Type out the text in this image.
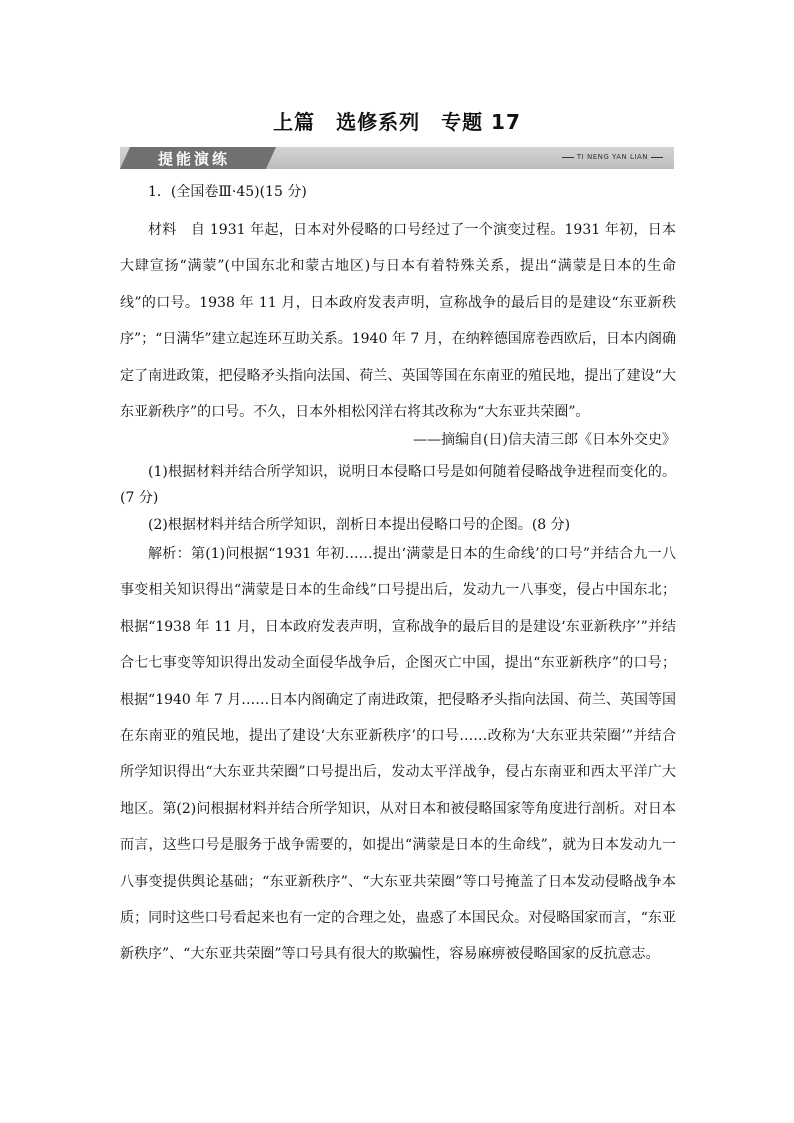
上篇　选修系列　专题 17
提能演练	TI NENG YAN LIAN
1．(全国卷Ⅲ·45)(15 分)

材料　自 1931 年起，日本对外侵略的口号经过了一个演变过程。1931 年初，日本大肆宣扬“满蒙”(中国东北和蒙古地区)与日本有着特殊关系，提出“满蒙是日本的生命线”的口号。1938 年 11 月，日本政府发表声明，宣称战争的最后目的是建设“东亚新秩序”；“日满华”建立起连环互助关系。1940 年 7 月，在纳粹德国席卷西欧后，日本内阁确定了南进政策，把侵略矛头指向法国、荷兰、英国等国在东南亚的殖民地，提出了建设“大东亚新秩序”的口号。不久，日本外相松冈洋右将其改称为“大东亚共荣圈”。

——摘编自(日)信夫清三郎《日本外交史》

(1)根据材料并结合所学知识，说明日本侵略口号是如何随着侵略战争进程而变化的。(7 分)

(2)根据材料并结合所学知识，剖析日本提出侵略口号的企图。(8 分)

解析：第(1)问根据“1931 年初……提出‘满蒙是日本的生命线’的口号”并结合九一八事变相关知识得出“满蒙是日本的生命线”口号提出后，发动九一八事变，侵占中国东北；根据“1938 年 11 月，日本政府发表声明，宣称战争的最后目的是建设‘东亚新秩序’”并结合七七事变等知识得出发动全面侵华战争后，企图灭亡中国，提出“东亚新秩序”的口号；根据“1940 年 7 月……日本内阁确定了南进政策，把侵略矛头指向法国、荷兰、英国等国在东南亚的殖民地，提出了建设‘大东亚新秩序’的口号……改称为‘大东亚共荣圈’”并结合所学知识得出“大东亚共荣圈”口号提出后，发动太平洋战争，侵占东南亚和西太平洋广大地区。第(2)问根据材料并结合所学知识，从对日本和被侵略国家等角度进行剖析。对日本而言，这些口号是服务于战争需要的，如提出“满蒙是日本的生命线”，就为日本发动九一八事变提供舆论基础；“东亚新秩序”、“大东亚共荣圈”等口号掩盖了日本发动侵略战争本质；同时这些口号看起来也有一定的合理之处，蛊惑了本国民众。对侵略国家而言，“东亚新秩序”、“大东亚共荣圈”等口号具有很大的欺骗性，容易麻痹被侵略国家的反抗意志。
